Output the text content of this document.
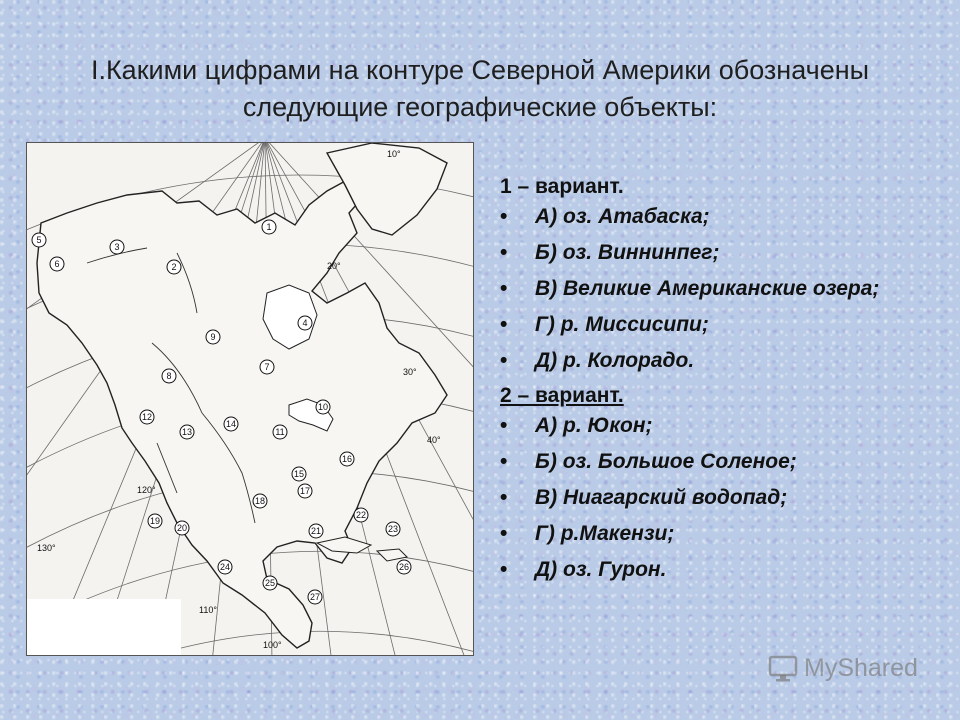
I.Какими цифрами на контуре Северной Америки обозначены следующие географические объекты:
1
2
3
4
5
6
7
8
9
10
11
12
13
14
15
16
17
18
19
20	21
22
23
24
25
26
27
10°
20°
30°
40°
100°
110°
120°
130°
1 – вариант.
• А) оз. Атабаска;
• Б) оз. Виннинпег;
• В) Великие Американские озера;
• Г) р. Миссисипи;
• Д) р. Колорадо.
2 – вариант.
• А) р. Юкон;
• Б) оз. Большое Соленое;
• В) Ниагарский водопад;
• Г) р.Макензи;
• Д) оз. Гурон.
MyShared
